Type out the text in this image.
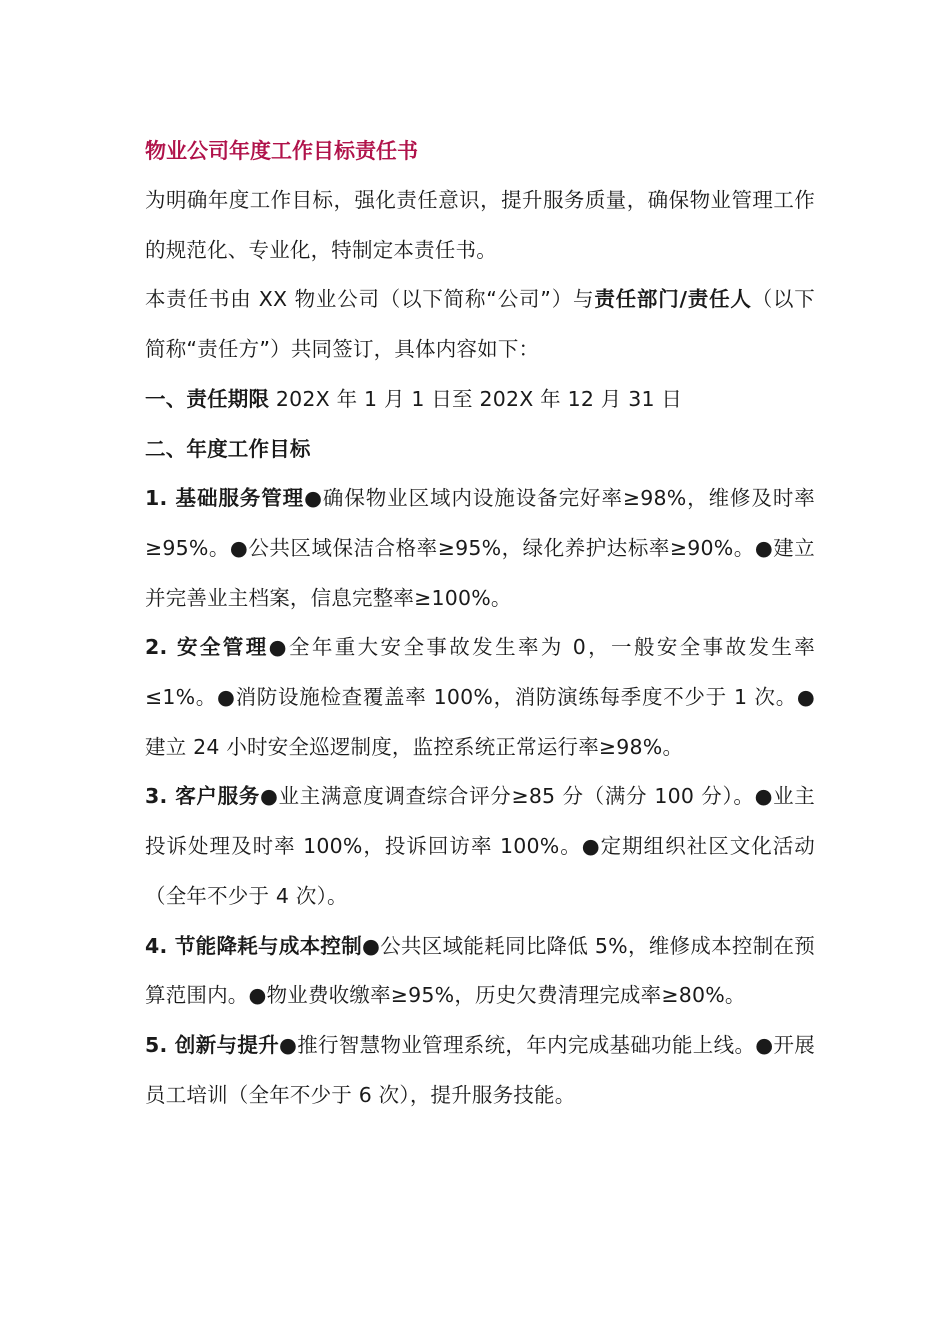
物业公司年度工作目标责任书

为明确年度工作目标，强化责任意识，提升服务质量，确保物业管理工作的规范化、专业化，特制定本责任书。

本责任书由 XX 物业公司（以下简称“公司”）与责任部门/责任人（以下简称“责任方”）共同签订，具体内容如下：

一、责任期限 202X 年 1 月 1 日至 202X 年 12 月 31 日

二、年度工作目标

1. 基础服务管理●确保物业区域内设施设备完好率≥98%，维修及时率≥95%。●公共区域保洁合格率≥95%，绿化养护达标率≥90%。●建立并完善业主档案，信息完整率≥100%。

2. 安全管理●全年重大安全事故发生率为 0，一般安全事故发生率≤1%。●消防设施检查覆盖率 100%，消防演练每季度不少于 1 次。●建立 24 小时安全巡逻制度，监控系统正常运行率≥98%。

3. 客户服务●业主满意度调查综合评分≥85 分（满分 100 分）。●业主投诉处理及时率 100%，投诉回访率 100%。●定期组织社区文化活动（全年不少于 4 次）。

4. 节能降耗与成本控制●公共区域能耗同比降低 5%，维修成本控制在预算范围内。●物业费收缴率≥95%，历史欠费清理完成率≥80%。

5. 创新与提升●推行智慧物业管理系统，年内完成基础功能上线。●开展员工培训（全年不少于 6 次），提升服务技能。
